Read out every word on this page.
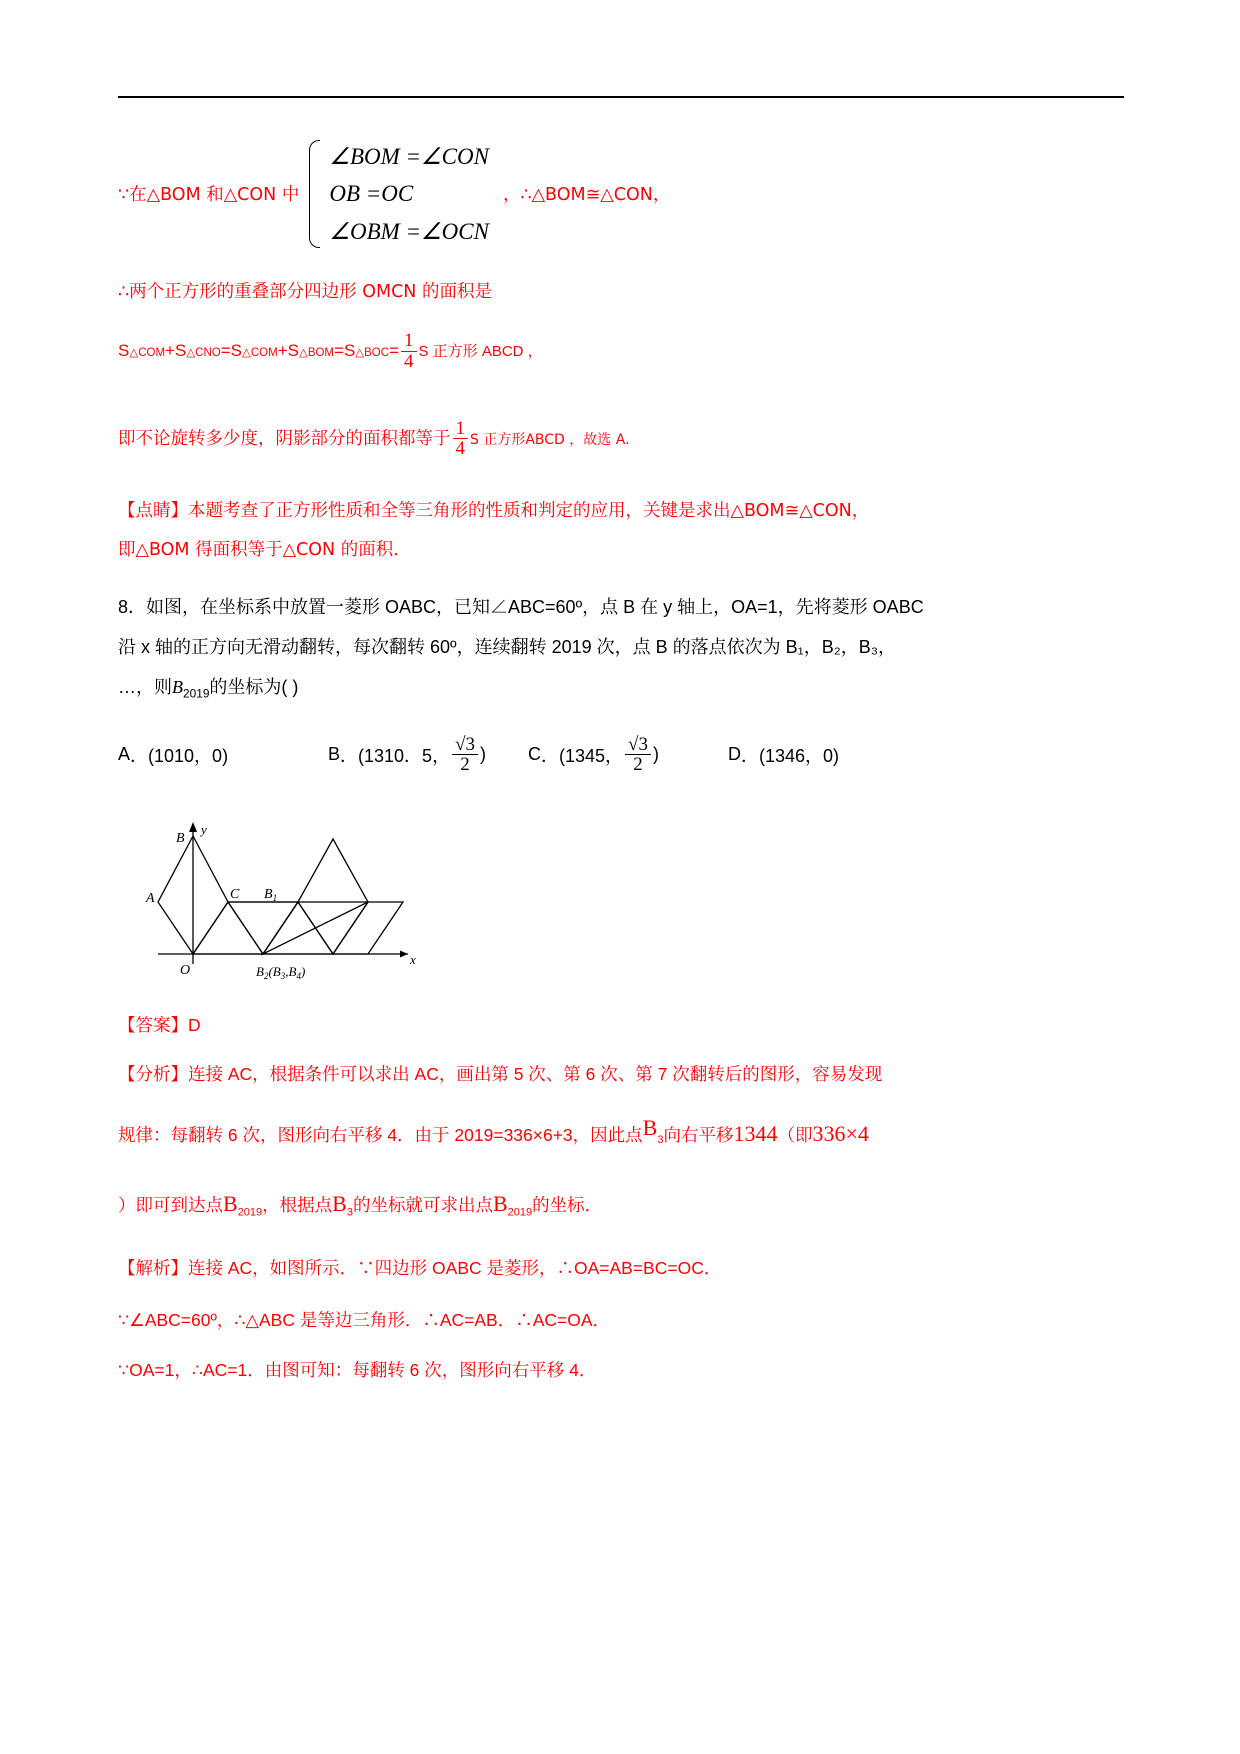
∵在△BOM 和△CON 中
∠BOM =∠CON
OB =OC
∠OBM =∠OCN
，∴△BOM≅△CON，

∴两个正方形的重叠部分四边形 OMCN 的面积是

S△COM+S△CNO=S△COM+S△BOM=S△BOC= $\frac{1}{4}$ S 正方形 ABCD ，
即不论旋转多少度，阴影部分的面积都等于 $\frac{1}{4}$ S 正方形ABCD ，故选 A．

【点睛】本题考查了正方形性质和全等三角形的性质和判定的应用，关键是求出△BOM≅△CON，

即△BOM 得面积等于△CON 的面积．

8．如图，在坐标系中放置一菱形 OABC，已知∠ABC=60º，点 B 在 y 轴上，OA=1，先将菱形 OABC

沿 x 轴的正方向无滑动翻转，每次翻转 60º，连续翻转 2019 次，点 B 的落点依次为 B₁，B₂，B₃，

…，则$B_{2019}$的坐标为( )

A ． (1010，0)	B ． (1310．5， $\frac{√3}{2}$ ) C ． (1345， $\frac{√3}{2}$ )	D ． (1346，0)
B
y
A	C $B_1$
O
x
$B_2(B_3,B_4)$

【答案】D

【分析】连接 AC，根据条件可以求出 AC，画出第 5 次、第 6 次、第 7 次翻转后的图形，容易发现

规律：每翻转 6 次，图形向右平移 4．由于 2019=336×6+3，因此点$B_3$向右平移1344（即336×4

）即可到达点$B_{2019}$，根据点$B_3$的坐标就可求出点$B_{2019}$的坐标．

【解析】连接 AC，如图所示．∵四边形 OABC 是菱形，∴OA=AB=BC=OC．

∵∠ABC=60º，∴△ABC 是等边三角形．∴AC=AB．∴AC=OA．

∵OA=1，∴AC=1．由图可知：每翻转 6 次，图形向右平移 4．
